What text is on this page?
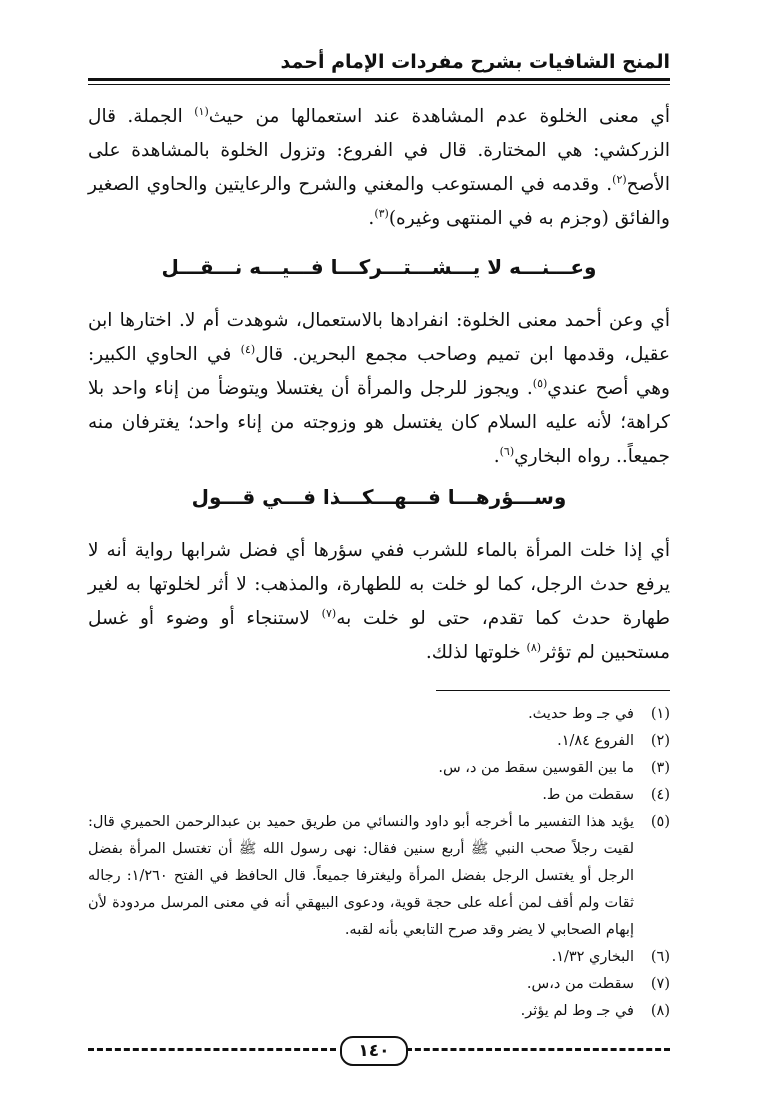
المنح الشافيات بشرح مفردات الإمام أحمد
أي معنى الخلوة عدم المشاهدة عند استعمالها من حيث$^{(١)}$ الجملة. قال الزركشي: هي المختارة. قال في الفروع: وتزول الخلوة بالمشاهدة على الأصح$^{(٢)}$. وقدمه في المستوعب والمغني والشرح والرعايتين والحاوي الصغير والفائق (وجزم به في المنتهى وغيره)$^{(٣)}$.
وعـــنـــه لا يـــشـــتـــركـــا فـــيـــه نـــقـــل
أي وعن أحمد معنى الخلوة: انفرادها بالاستعمال، شوهدت أم لا. اختارها ابن عقيل، وقدمها ابن تميم وصاحب مجمع البحرين. قال$^{(٤)}$ في الحاوي الكبير: وهي أصح عندي$^{(٥)}$. ويجوز للرجل والمرأة أن يغتسلا ويتوضأ من إناء واحد بلا كراهة؛ لأنه عليه السلام كان يغتسل هو وزوجته من إناء واحد؛ يغترفان منه جميعاً.. رواه البخاري$^{(٦)}$.
وســـؤرهـــا فـــهـــكـــذا فـــي قـــول
أي إذا خلت المرأة بالماء للشرب ففي سؤرها أي فضل شرابها رواية أنه لا يرفع حدث الرجل، كما لو خلت به للطهارة، والمذهب: لا أثر لخلوتها به لغير طهارة حدث كما تقدم، حتى لو خلت به$^{(٧)}$ لاستنجاء أو وضوء أو غسل مستحبين لم تؤثر$^{(٨)}$ خلوتها لذلك.
(١)
في جـ وط حديث.
(٢)
الفروع ١/٨٤.
(٣)
ما بين القوسين سقط من د، س.
(٤)
سقطت من ط.
(٥)
يؤيد هذا التفسير ما أخرجه أبو داود والنسائي من طريق حميد بن عبدالرحمن الحميري قال: لقيت رجلاً صحب النبي ﷺ أربع سنين فقال: نهى رسول الله ﷺ أن تغتسل المرأة بفضل الرجل أو يغتسل الرجل بفضل المرأة وليغترفا جميعاً. قال الحافظ في الفتح ١/٢٦٠: رجاله ثقات ولم أقف لمن أعله على حجة قوية، ودعوى البيهقي أنه في معنى المرسل مردودة لأن إبهام الصحابي لا يضر وقد صرح التابعي بأنه لقبه.
(٦)
البخاري ١/٣٢.
(٧)
سقطت من د،س.
(٨)
في جـ وط لم يؤثر.
١٤٠
